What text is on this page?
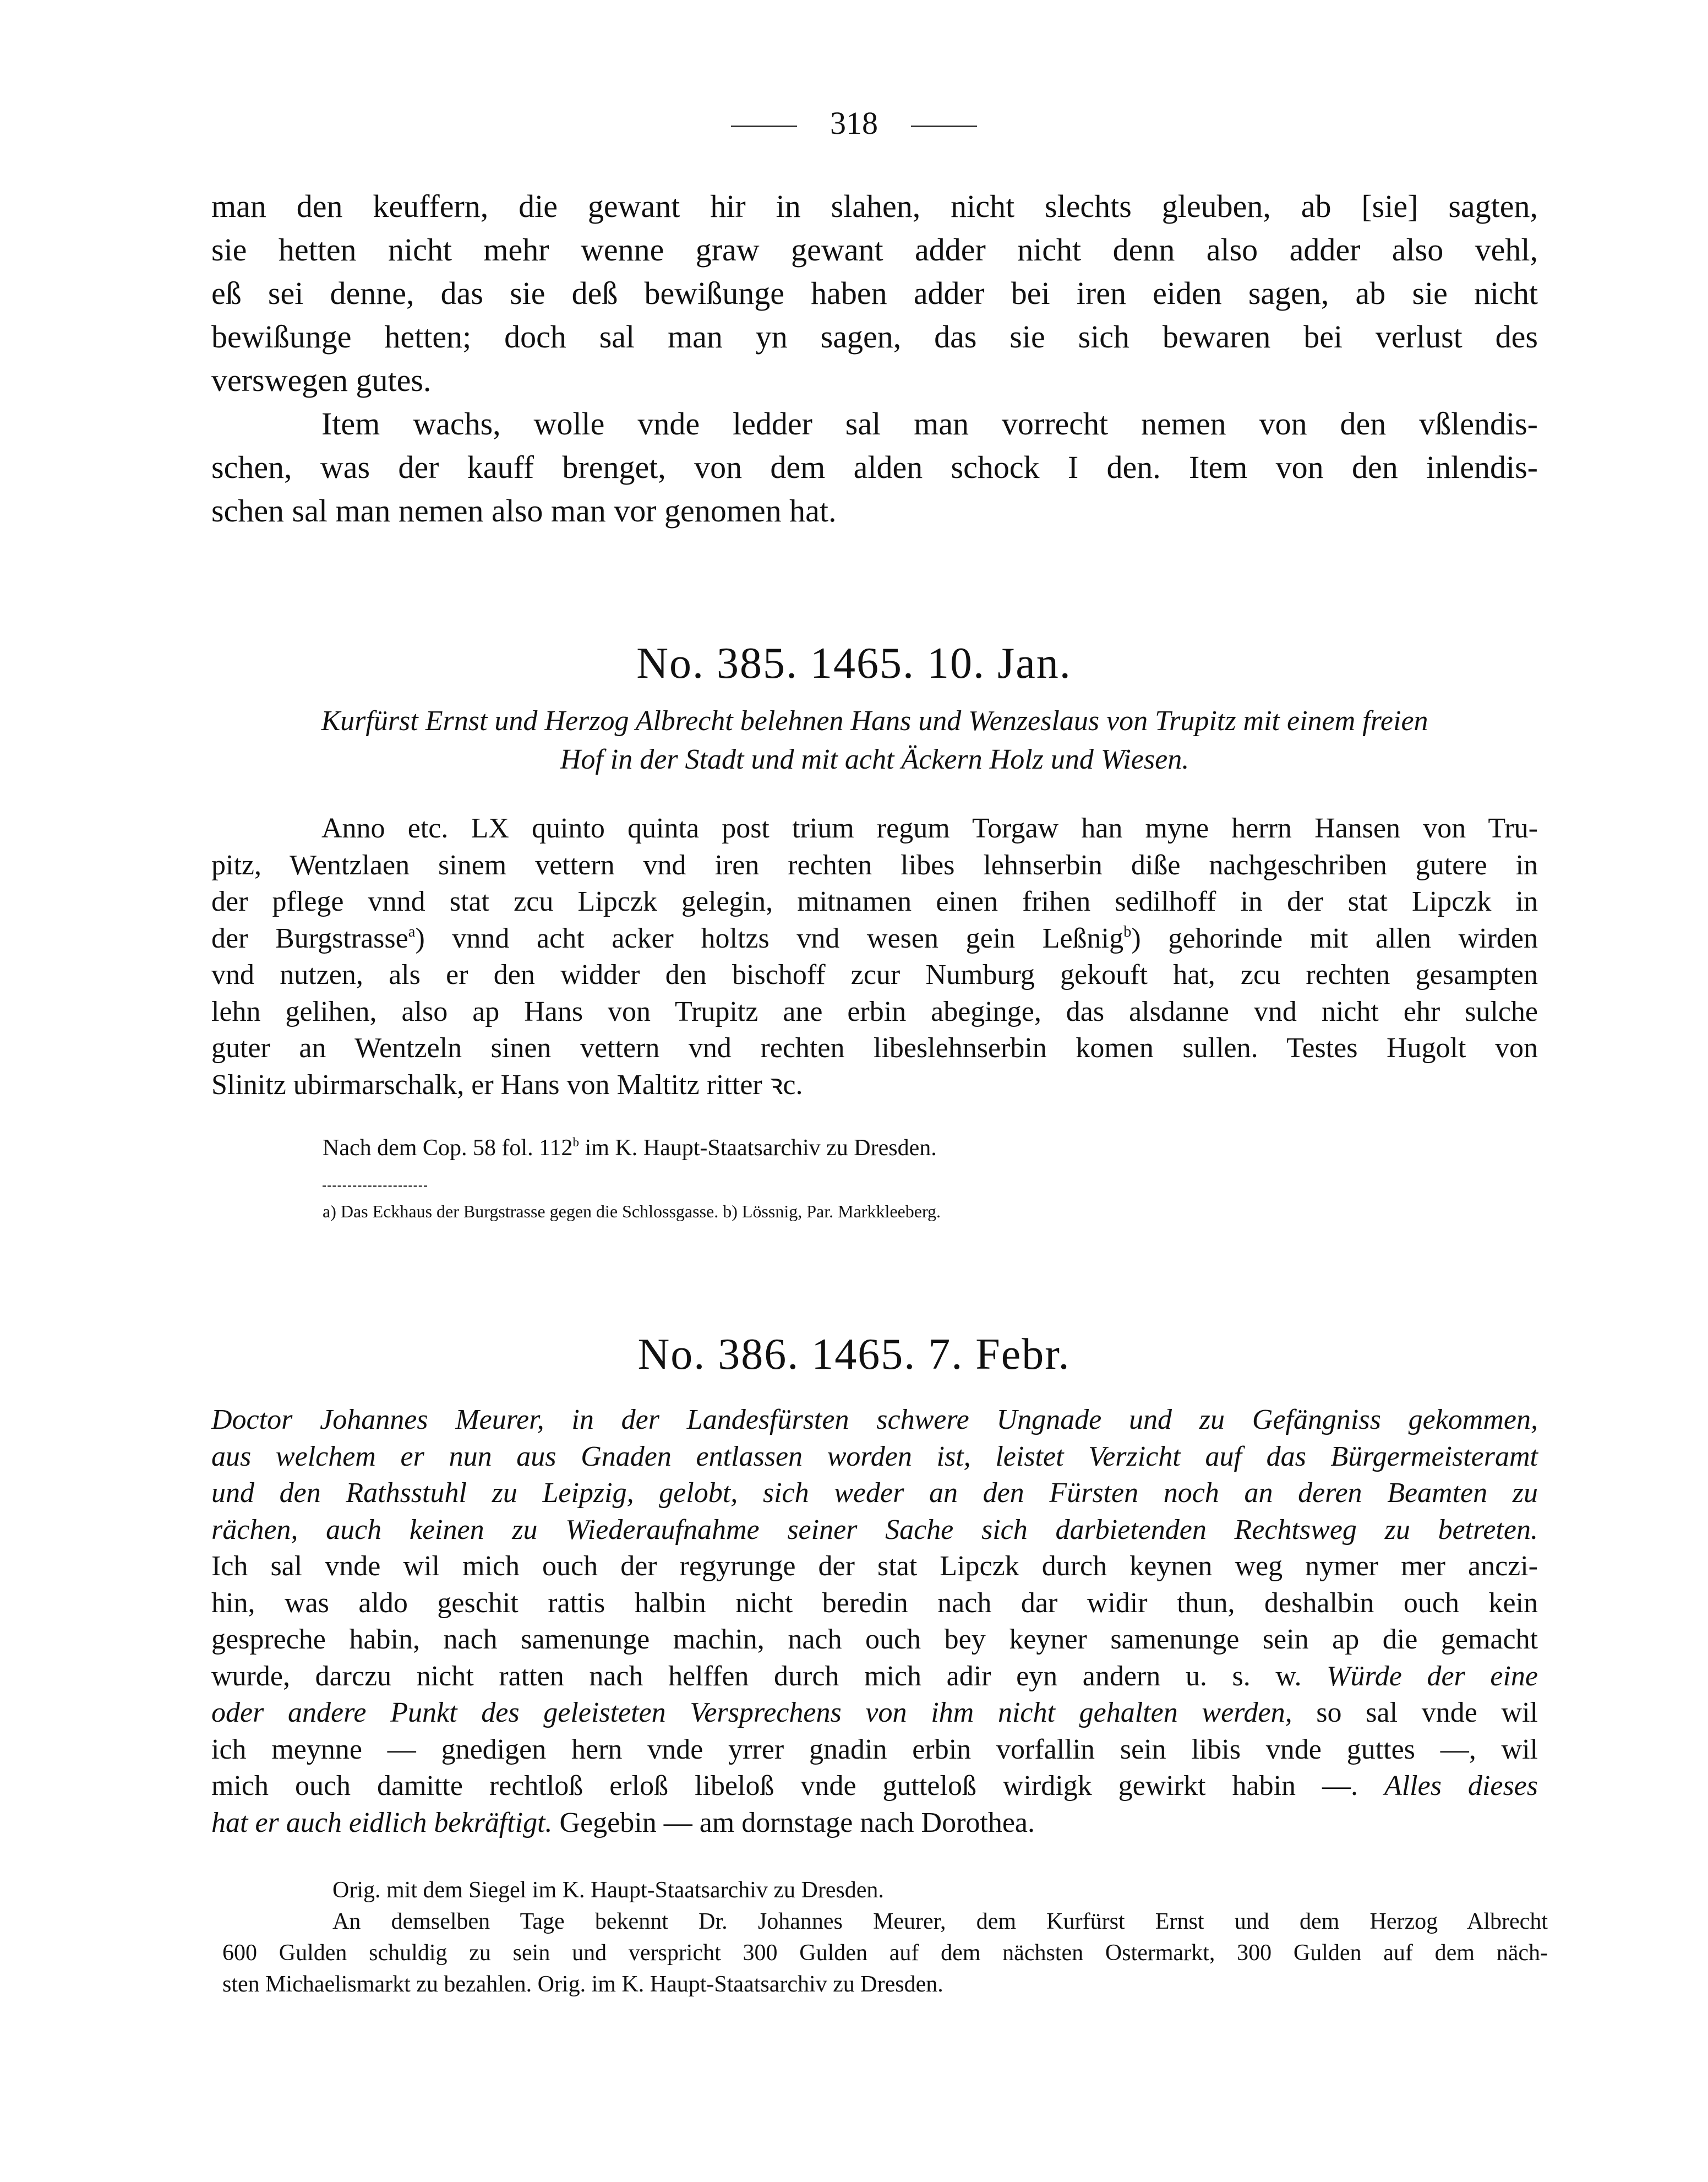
318
No. 385. 1465. 10. Jan.
No. 386. 1465. 7. Febr.
man den keuffern, die gewant hir in slahen, nicht slechts gleuben, ab [sie] sagten,
sie hetten nicht mehr wenne graw gewant adder nicht denn also adder also vehl,
eß sei denne, das sie deß bewißunge haben adder bei iren eiden sagen, ab sie nicht
bewißunge hetten; doch sal man yn sagen, das sie sich bewaren bei verlust des
verswegen gutes.
Item wachs, wolle vnde ledder sal man vorrecht nemen von den vßlendis-
schen, was der kauff brenget, von dem alden schock I den. Item von den inlendis-
schen sal man nemen also man vor genomen hat.
Kurfürst Ernst und Herzog Albrecht belehnen Hans und Wenzeslaus von Trupitz mit einem freien
Hof in der Stadt und mit acht Äckern Holz und Wiesen.
Anno etc. LX quinto quinta post trium regum Torgaw han myne herrn Hansen von Tru-
pitz, Wentzlaen sinem vettern vnd iren rechten libes lehnserbin diße nachgeschriben gutere in
der pflege vnnd stat zcu Lipczk gelegin, mitnamen einen frihen sedilhoff in der stat Lipczk in
der Burgstrasse$^a$) vnnd acht acker holtzs vnd wesen gein Leßnig$^b$) gehorinde mit allen wirden
vnd nutzen, als er den widder den bischoff zcur Numburg gekouft hat, zcu rechten gesampten
lehn gelihen, also ap Hans von Trupitz ane erbin abeginge, das alsdanne vnd nicht ehr sulche
guter an Wentzeln sinen vettern vnd rechten libeslehnserbin komen sullen. Testes Hugolt von
Slinitz ubirmarschalk, er Hans von Maltitz ritter ꝛc.
Nach dem Cop. 58 fol. 112$^b$ im K. Haupt-Staatsarchiv zu Dresden.
a) Das Eckhaus der Burgstrasse gegen die Schlossgasse. b) Lössnig, Par. Markkleeberg.
Doctor Johannes Meurer, in der Landesfürsten schwere Ungnade und zu Gefängniss gekommen,
aus welchem er nun aus Gnaden entlassen worden ist, leistet Verzicht auf das Bürgermeisteramt
und den Rathsstuhl zu Leipzig, gelobt, sich weder an den Fürsten noch an deren Beamten zu
rächen, auch keinen zu Wiederaufnahme seiner Sache sich darbietenden Rechtsweg zu betreten.
Ich sal vnde wil mich ouch der regyrunge der stat Lipczk durch keynen weg nymer mer anczi-
hin, was aldo geschit rattis halbin nicht beredin nach dar widir thun, deshalbin ouch kein
gespreche habin, nach samenunge machin, nach ouch bey keyner samenunge sein ap die gemacht
wurde, darczu nicht ratten nach helffen durch mich adir eyn andern u. s. w. Würde der eine
oder andere Punkt des geleisteten Versprechens von ihm nicht gehalten werden, so sal vnde wil
ich meynne — gnedigen hern vnde yrrer gnadin erbin vorfallin sein libis vnde guttes —, wil
mich ouch damitte rechtloß erloß libeloß vnde gutteloß wirdigk gewirkt habin —. Alles dieses
hat er auch eidlich bekräftigt. Gegebin — am dornstage nach Dorothea.
Orig. mit dem Siegel im K. Haupt-Staatsarchiv zu Dresden.
An demselben Tage bekennt Dr. Johannes Meurer, dem Kurfürst Ernst und dem Herzog Albrecht
600 Gulden schuldig zu sein und verspricht 300 Gulden auf dem nächsten Ostermarkt, 300 Gulden auf dem näch-
sten Michaelismarkt zu bezahlen. Orig. im K. Haupt-Staatsarchiv zu Dresden.
